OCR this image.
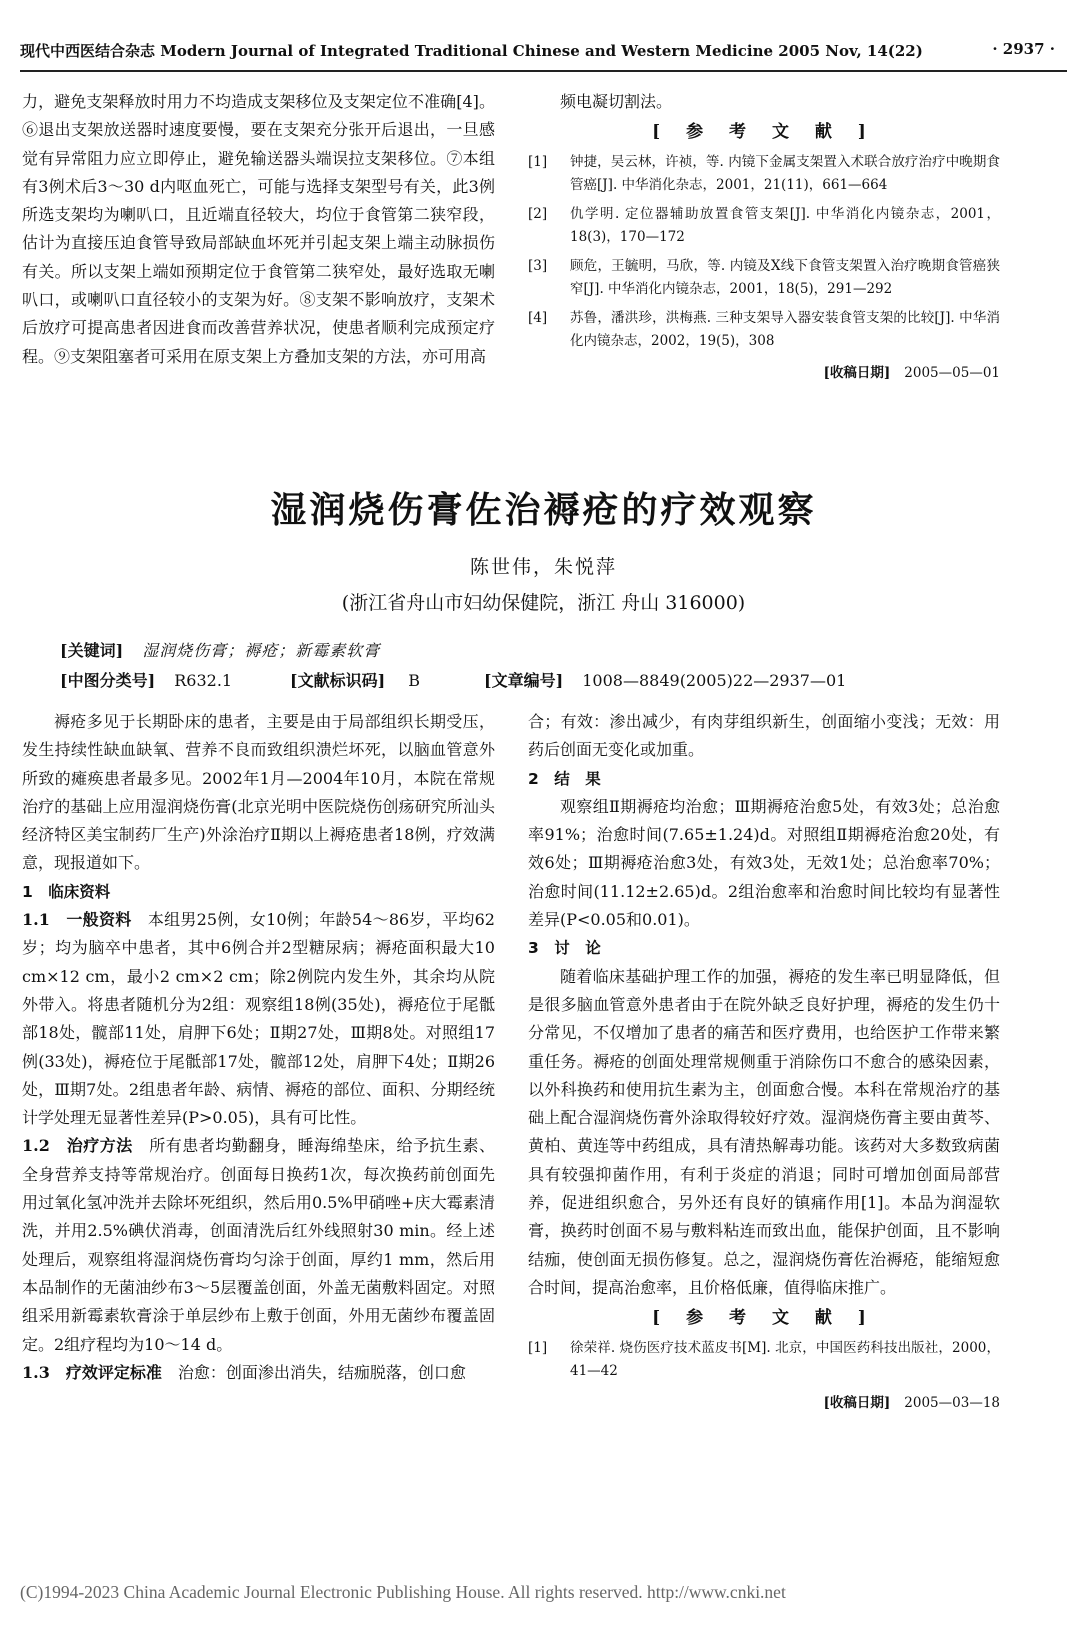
现代中西医结合杂志 Modern Journal of Integrated Traditional Chinese and Western Medicine 2005 Nov, 14(22)	· 2937 ·

力，避免支架释放时用力不均造成支架移位及支架定位不准确[4]。⑥退出支架放送器时速度要慢，要在支架充分张开后退出，一旦感觉有异常阻力应立即停止，避免输送器头端误拉支架移位。⑦本组有3例术后3～30 d内呕血死亡，可能与选择支架型号有关，此3例所选支架均为喇叭口，且近端直径较大，均位于食管第二狭窄段，估计为直接压迫食管导致局部缺血坏死并引起支架上端主动脉损伤有关。所以支架上端如预期定位于食管第二狭窄处，最好选取无喇叭口，或喇叭口直径较小的支架为好。⑧支架不影响放疗，支架术后放疗可提高患者因进食而改善营养状况，使患者顺利完成预定疗程。⑨支架阻塞者可采用在原支架上方叠加支架的方法，亦可用高

频电凝切割法。

[ 参 考 文 献 ]
[1] 钟捷，吴云林，许祯，等. 内镜下金属支架置入术联合放疗治疗中晚期食管癌[J]. 中华消化杂志，2001，21(11)，661—664
[2] 仇学明. 定位器辅助放置食管支架[J]. 中华消化内镜杂志，2001，18(3)，170—172
[3] 顾危，王毓明，马欣，等. 内镜及X线下食管支架置入治疗晚期食管癌狭窄[J]. 中华消化内镜杂志，2001，18(5)，291—292
[4] 苏鲁，潘洪珍，洪梅燕. 三种支架导入器安装食管支架的比较[J]. 中华消化内镜杂志，2002，19(5)，308
[收稿日期] 2005—05—01
湿润烧伤膏佐治褥疮的疗效观察
陈世伟，朱悦萍
(浙江省舟山市妇幼保健院，浙江 舟山 316000)
[关键词] 湿润烧伤膏；褥疮；新霉素软膏
[中图分类号] R632.1	[文献标识码] B	[文章编号] 1008—8849(2005)22—2937—01

褥疮多见于长期卧床的患者，主要是由于局部组织长期受压，发生持续性缺血缺氧、营养不良而致组织溃烂坏死，以脑血管意外所致的瘫痪患者最多见。2002年1月—2004年10月，本院在常规治疗的基础上应用湿润烧伤膏(北京光明中医院烧伤创疡研究所汕头经济特区美宝制药厂生产)外涂治疗Ⅱ期以上褥疮患者18例，疗效满意，现报道如下。

1　临床资料

1.1　一般资料　 本组男25例，女10例；年龄54～86岁，平均62岁；均为脑卒中患者，其中6例合并2型糖尿病；褥疮面积最大10 cm×12 cm，最小2 cm×2 cm；除2例院内发生外，其余均从院外带入。将患者随机分为2组：观察组18例(35处)，褥疮位于尾骶部18处，髋部11处，肩胛下6处；Ⅱ期27处，Ⅲ期8处。对照组17例(33处)，褥疮位于尾骶部17处，髋部12处，肩胛下4处；Ⅱ期26处，Ⅲ期7处。2组患者年龄、病情、褥疮的部位、面积、分期经统计学处理无显著性差异(P>0.05)，具有可比性。

1.2　治疗方法　 所有患者均勤翻身，睡海绵垫床，给予抗生素、全身营养支持等常规治疗。创面每日换药1次，每次换药前创面先用过氧化氢冲洗并去除坏死组织，然后用0.5%甲硝唑+庆大霉素清洗，并用2.5%碘伏消毒，创面清洗后红外线照射30 min。经上述处理后，观察组将湿润烧伤膏均匀涂于创面，厚约1 mm，然后用本品制作的无菌油纱布3～5层覆盖创面，外盖无菌敷料固定。对照组采用新霉素软膏涂于单层纱布上敷于创面，外用无菌纱布覆盖固定。2组疗程均为10～14 d。

1.3　疗效评定标准　 治愈：创面渗出消失，结痂脱落，创口愈

合；有效：渗出减少，有肉芽组织新生，创面缩小变浅；无效：用药后创面无变化或加重。

2　结　果

观察组Ⅱ期褥疮均治愈；Ⅲ期褥疮治愈5处，有效3处；总治愈率91%；治愈时间(7.65±1.24)d。对照组Ⅱ期褥疮治愈20处，有效6处；Ⅲ期褥疮治愈3处，有效3处，无效1处；总治愈率70%；治愈时间(11.12±2.65)d。2组治愈率和治愈时间比较均有显著性差异(P<0.05和0.01)。

3　讨　论

随着临床基础护理工作的加强，褥疮的发生率已明显降低，但是很多脑血管意外患者由于在院外缺乏良好护理，褥疮的发生仍十分常见，不仅增加了患者的痛苦和医疗费用，也给医护工作带来繁重任务。褥疮的创面处理常规侧重于消除伤口不愈合的感染因素，以外科换药和使用抗生素为主，创面愈合慢。本科在常规治疗的基础上配合湿润烧伤膏外涂取得较好疗效。湿润烧伤膏主要由黄芩、黄柏、黄连等中药组成，具有清热解毒功能。该药对大多数致病菌具有较强抑菌作用，有利于炎症的消退；同时可增加创面局部营养，促进组织愈合，另外还有良好的镇痛作用[1]。本品为润湿软膏，换药时创面不易与敷料粘连而致出血，能保护创面，且不影响结痂，使创面无损伤修复。总之，湿润烧伤膏佐治褥疮，能缩短愈合时间，提高治愈率，且价格低廉，值得临床推广。

[ 参 考 文 献 ]
[1] 徐荣祥. 烧伤医疗技术蓝皮书[M]. 北京，中国医药科技出版社，2000，41—42
[收稿日期] 2005—03—18
(C)1994-2023 China Academic Journal Electronic Publishing House. All rights reserved. http://www.cnki.net
